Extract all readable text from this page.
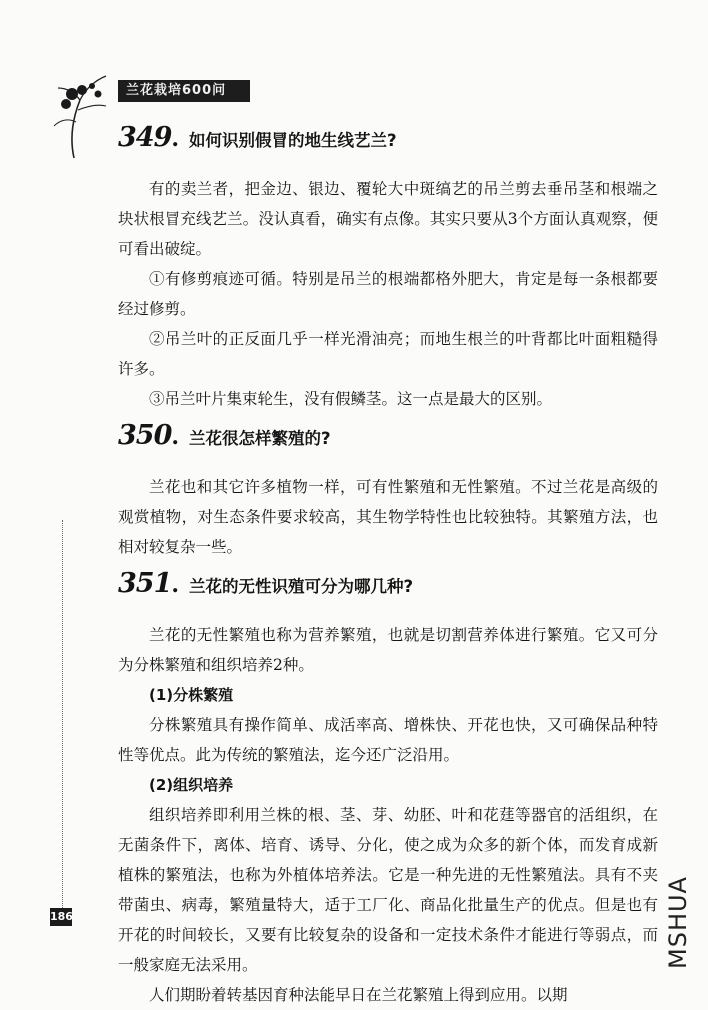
兰花栽培600问
349 . 如何识别假冒的地生线艺兰?

有的卖兰者，把金边、银边、覆轮大中斑缟艺的吊兰剪去垂吊茎和根端之块状根冒充线艺兰。没认真看，确实有点像。其实只要从3个方面认真观察，便可看出破绽。

①有修剪痕迹可循。特别是吊兰的根端都格外肥大，肯定是每一条根都要经过修剪。

②吊兰叶的正反面几乎一样光滑油亮；而地生根兰的叶背都比叶面粗糙得许多。

③吊兰叶片集束轮生，没有假鳞茎。这一点是最大的区别。

350 . 兰花很怎样繁殖的?

兰花也和其它许多植物一样，可有性繁殖和无性繁殖。不过兰花是高级的观赏植物，对生态条件要求较高，其生物学特性也比较独特。其繁殖方法，也相对较复杂一些。

351 . 兰花的无性识殖可分为哪几种?

兰花的无性繁殖也称为营养繁殖，也就是切割营养体进行繁殖。它又可分为分株繁殖和组织培养2种。

(1)分株繁殖

分株繁殖具有操作简单、成活率高、增株快、开花也快，又可确保品种特性等优点。此为传统的繁殖法，迄今还广泛沿用。

(2)组织培养

组织培养即利用兰株的根、茎、芽、幼胚、叶和花莛等器官的活组织，在无菌条件下，离体、培育、诱导、分化，使之成为众多的新个体，而发育成新植株的繁殖法，也称为外植体培养法。它是一种先进的无性繁殖法。具有不夹带菌虫、病毒，繁殖量特大，适于工厂化、商品化批量生产的优点。但是也有开花的时间较长，又要有比较复杂的设备和一定技术条件才能进行等弱点，而一般家庭无法采用。

人们期盼着转基因育种法能早日在兰花繁殖上得到应用。以期

186	MSHUA
